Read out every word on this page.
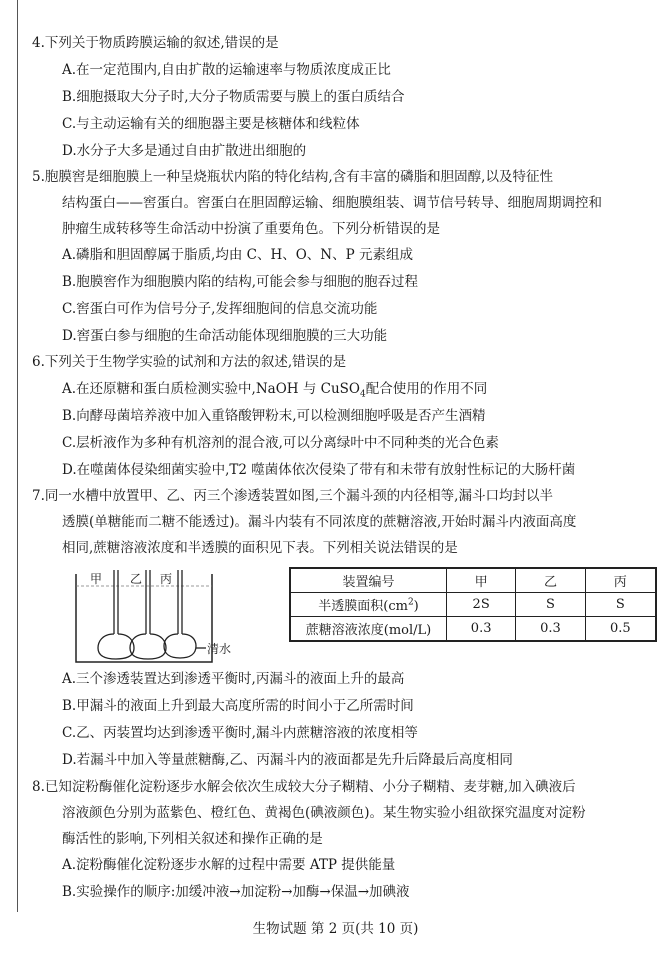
4.下列关于物质跨膜运输的叙述,错误的是
A.在一定范围内,自由扩散的运输速率与物质浓度成正比
B.细胞摄取大分子时,大分子物质需要与膜上的蛋白质结合
C.与主动运输有关的细胞器主要是核糖体和线粒体
D.水分子大多是通过自由扩散进出细胞的
5.胞膜窖是细胞膜上一种呈烧瓶状内陷的特化结构,含有丰富的磷脂和胆固醇,以及特征性
结构蛋白——窖蛋白。窖蛋白在胆固醇运输、细胞膜组装、调节信号转导、细胞周期调控和
肿瘤生成转移等生命活动中扮演了重要角色。下列分析错误的是
A.磷脂和胆固醇属于脂质,均由 C、H、O、N、P 元素组成
B.胞膜窖作为细胞膜内陷的结构,可能会参与细胞的胞吞过程
C.窖蛋白可作为信号分子,发挥细胞间的信息交流功能
D.窖蛋白参与细胞的生命活动能体现细胞膜的三大功能
6.下列关于生物学实验的试剂和方法的叙述,错误的是
A.在还原糖和蛋白质检测实验中,NaOH 与 CuSO$_4$配合使用的作用不同
B.向酵母菌培养液中加入重铬酸钾粉末,可以检测细胞呼吸是否产生酒精
C.层析液作为多种有机溶剂的混合液,可以分离绿叶中不同种类的光合色素
D.在噬菌体侵染细菌实验中,T2 噬菌体依次侵染了带有和未带有放射性标记的大肠杆菌
7.同一水槽中放置甲、乙、丙三个渗透装置如图,三个漏斗颈的内径相等,漏斗口均封以半
透膜(单糖能而二糖不能透过)。漏斗内装有不同浓度的蔗糖溶液,开始时漏斗内液面高度
相同,蔗糖溶液浓度和半透膜的面积见下表。下列相关说法错误的是
甲 乙 丙
清水
装置编号	甲	乙	丙
半透膜面积$(cm^2)$	2S	S	S
蔗糖溶液浓度(mol/L)	0.3	0.3	0.5
A.三个渗透装置达到渗透平衡时,丙漏斗的液面上升的最高
B.甲漏斗的液面上升到最大高度所需的时间小于乙所需时间
C.乙、丙装置均达到渗透平衡时,漏斗内蔗糖溶液的浓度相等
D.若漏斗中加入等量蔗糖酶,乙、丙漏斗内的液面都是先升后降最后高度相同
8.已知淀粉酶催化淀粉逐步水解会依次生成较大分子糊精、小分子糊精、麦芽糖,加入碘液后
溶液颜色分别为蓝紫色、橙红色、黄褐色(碘液颜色)。某生物实验小组欲探究温度对淀粉
酶活性的影响,下列相关叙述和操作正确的是
A.淀粉酶催化淀粉逐步水解的过程中需要 ATP 提供能量
B.实验操作的顺序:加缓冲液→加淀粉→加酶→保温→加碘液
生物试题 第 2 页(共 10 页)
